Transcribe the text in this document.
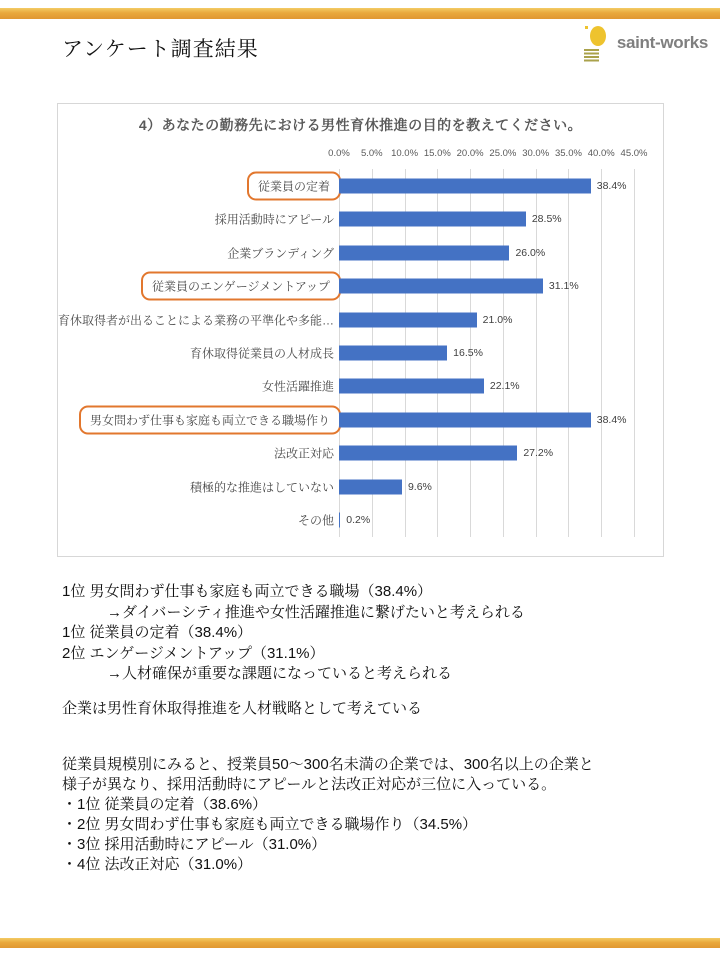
アンケート調査結果	saint-works
4）あなたの勤務先における男性育休推進の目的を教えてください。
0.0%	5.0% 10.0% 15.0% 20.0% 25.0% 30.0% 35.0% 40.0% 45.0%
従業員の定着	38.4%
採用活動時にアピール	28.5%
企業ブランディング	26.0%
従業員のエンゲージメントアップ	31.1%
育休取得者が出ることによる業務の平準化や多能…	21.0%
育休取得従業員の人材成長	16.5%
女性活躍推進	22.1%
男女問わず仕事も家庭も両立できる職場作り	38.4%
法改正対応	27.2%
積極的な推進はしていない	9.6%
その他 0.2%
1位 男女問わず仕事も家庭も両立できる職場（38.4%）
　　　→ダイバーシティ推進や女性活躍推進に繋げたいと考えられる
1位 従業員の定着（38.4%）
2位 エンゲージメントアップ（31.1%）
　　　→人材確保が重要な課題になっていると考えられる
企業は男性育休取得推進を人材戦略として考えている
従業員規模別にみると、授業員50～300名未満の企業では、300名以上の企業と
様子が異なり、採用活動時にアピールと法改正対応が三位に入っている。
・1位 従業員の定着（38.6%）
・2位 男女問わず仕事も家庭も両立できる職場作り（34.5%）
・3位 採用活動時にアピール（31.0%）
・4位 法改正対応（31.0%）
